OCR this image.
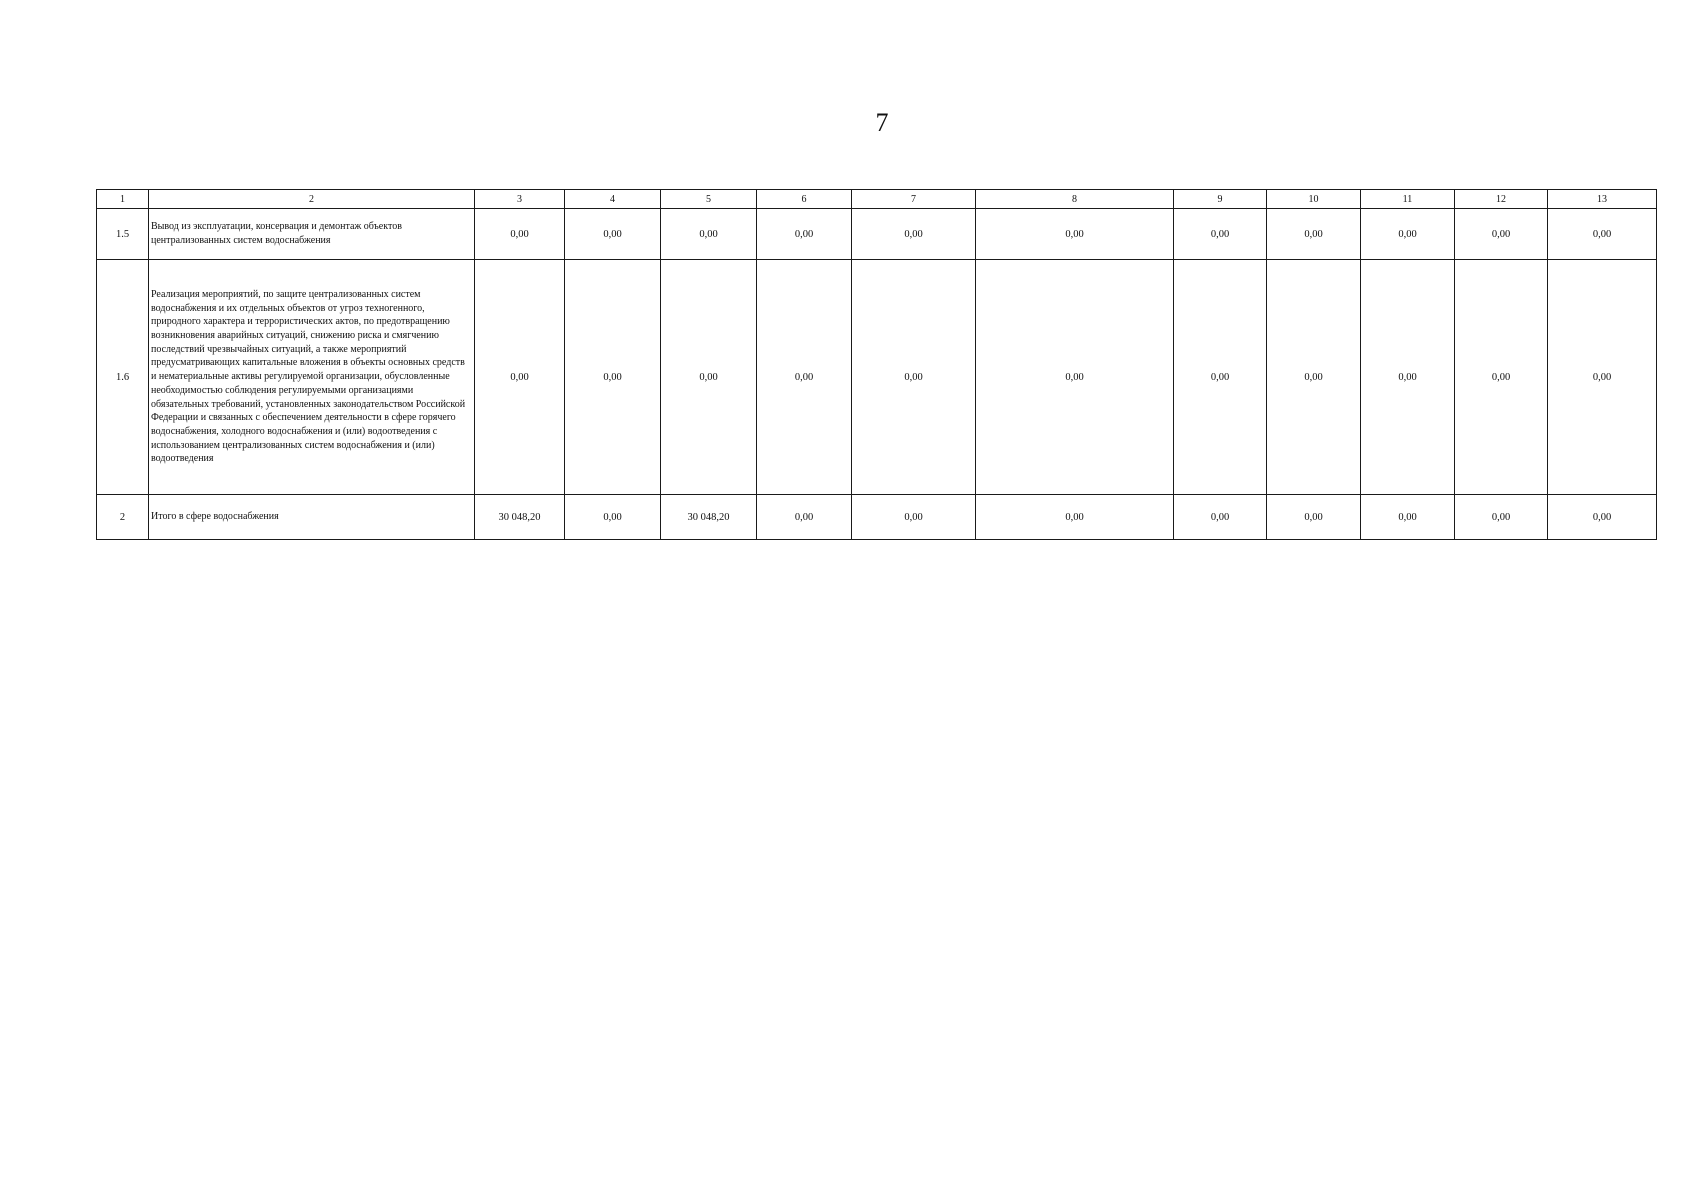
7
1	2	3	4	5	6	7	8	9	10	11	12	13
1.5	Вывод из эксплуатации, консервация и демонтаж объектов централизованных систем водоснабжения	0,00	0,00	0,00	0,00	0,00	0,00	0,00	0,00	0,00	0,00	0,00
1.6	Реализация мероприятий, по защите централизованных систем водоснабжения и их отдельных объектов от угроз техногенного, природного характера и террористических актов, по предотвращению возникновения аварийных ситуаций, снижению риска и смягчению последствий чрезвычайных ситуаций, а также мероприятий предусматривающих капитальные вложения в объекты основных средств и нематериальные активы регулируемой организации, обусловленные необходимостью соблюдения регулируемыми организациями обязательных требований, установленных законодательством Российской Федерации и связанных с обеспечением деятельности в сфере горячего водоснабжения, холодного водоснабжения и (или) водоотведения с использованием централизованных систем водоснабжения и (или) водоотведения	0,00	0,00	0,00	0,00	0,00	0,00	0,00	0,00	0,00	0,00	0,00
2	Итого в сфере водоснабжения	30 048,20	0,00	30 048,20	0,00	0,00	0,00	0,00	0,00	0,00	0,00	0,00
